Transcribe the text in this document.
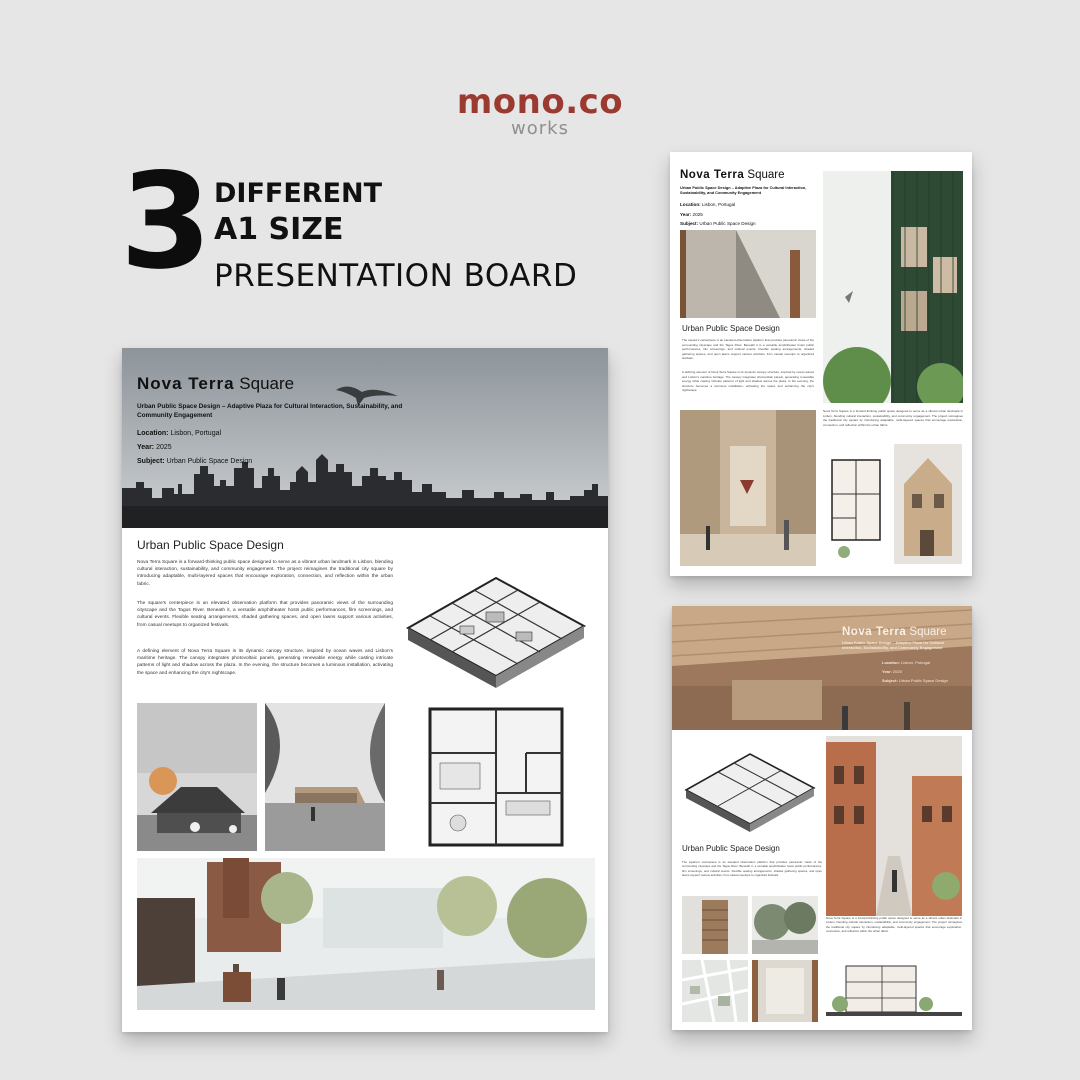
mono.co
works
3 DIFFERENT
A1 SIZE
PRESENTATION BOARD
Nova Terra Square
Urban Public Space Design – Adaptive Plaza for Cultural Interaction, Sustainability, and Community Engagement
Location: Lisbon, Portugal
Year: 2025
Subject: Urban Public Space Design
Urban Public Space Design
Nova Terra Square is a forward-thinking public space designed to serve as a vibrant urban landmark in Lisbon, blending cultural interaction, sustainability, and community engagement. The project reimagines the traditional city square by introducing adaptable, multi-layered spaces that encourage exploration, connection, and reflection within the urban fabric.
The square's centerpiece is an elevated observation platform that provides panoramic views of the surrounding cityscape and the Tagus River. Beneath it, a versatile amphitheater hosts public performances, film screenings, and cultural events. Flexible seating arrangements, shaded gathering spaces, and open lawns support various activities, from casual meetups to organized festivals.
A defining element of Nova Terra Square is its dynamic canopy structure, inspired by ocean waves and Lisbon's maritime heritage. The canopy integrates photovoltaic panels, generating renewable energy while casting intricate patterns of light and shadow across the plaza. In the evening, the structure becomes a luminous installation, activating the space and enhancing the city's nightscape.
Nova Terra Square
Urban Public Space Design – Adaptive Plaza for Cultural Interaction, Sustainability, and Community Engagement
Location: Lisbon, Portugal
Year: 2025
Subject: Urban Public Space Design
Urban Public Space Design
The square's centerpiece is an elevated observation platform that provides panoramic views of the surrounding cityscape and the Tagus River. Beneath it is a versatile amphitheater hosts public performances, film screenings, and cultural events. Flexible seating arrangements, shaded gathering spaces, and open lawns support various activities, from casual meetups to organized festivals.
A defining element of Nova Terra Square is its dynamic canopy structure, inspired by ocean waves and Lisbon's maritime heritage. The canopy integrates photovoltaic panels, generating renewable energy while casting intricate patterns of light and shadow across the plaza. In the evening, the structure becomes a luminous installation, activating the space and enhancing the city's nightscape.
Nova Terra Square is a forward-thinking public space designed to serve as a vibrant urban landmark in Lisbon, blending cultural interaction, sustainability, and community engagement. The project reimagines the traditional city square by introducing adaptable, multi-layered spaces that encourage exploration, connection, and reflection within the urban fabric.
Nova Terra Square
Urban Public Space Design – Adaptive Plaza for Cultural Interaction, Sustainability, and Community Engagement
Location: Lisbon, Portugal
Year: 2025
Subject: Urban Public Space Design
Urban Public Space Design
The square's centerpiece is an elevated observation platform that provides panoramic views of the surrounding cityscape and the Tagus River. Beneath it, a versatile amphitheater hosts public performances, film screenings, and cultural events. Flexible seating arrangements, shaded gathering spaces, and open lawns support various activities, from casual meetups to organized festivals.
Nova Terra Square is a forward-thinking public space designed to serve as a vibrant urban landmark in Lisbon, blending cultural interaction, sustainability, and community engagement. The project reimagines the traditional city square by introducing adaptable, multi-layered spaces that encourage exploration, connection, and reflection within the urban fabric.
